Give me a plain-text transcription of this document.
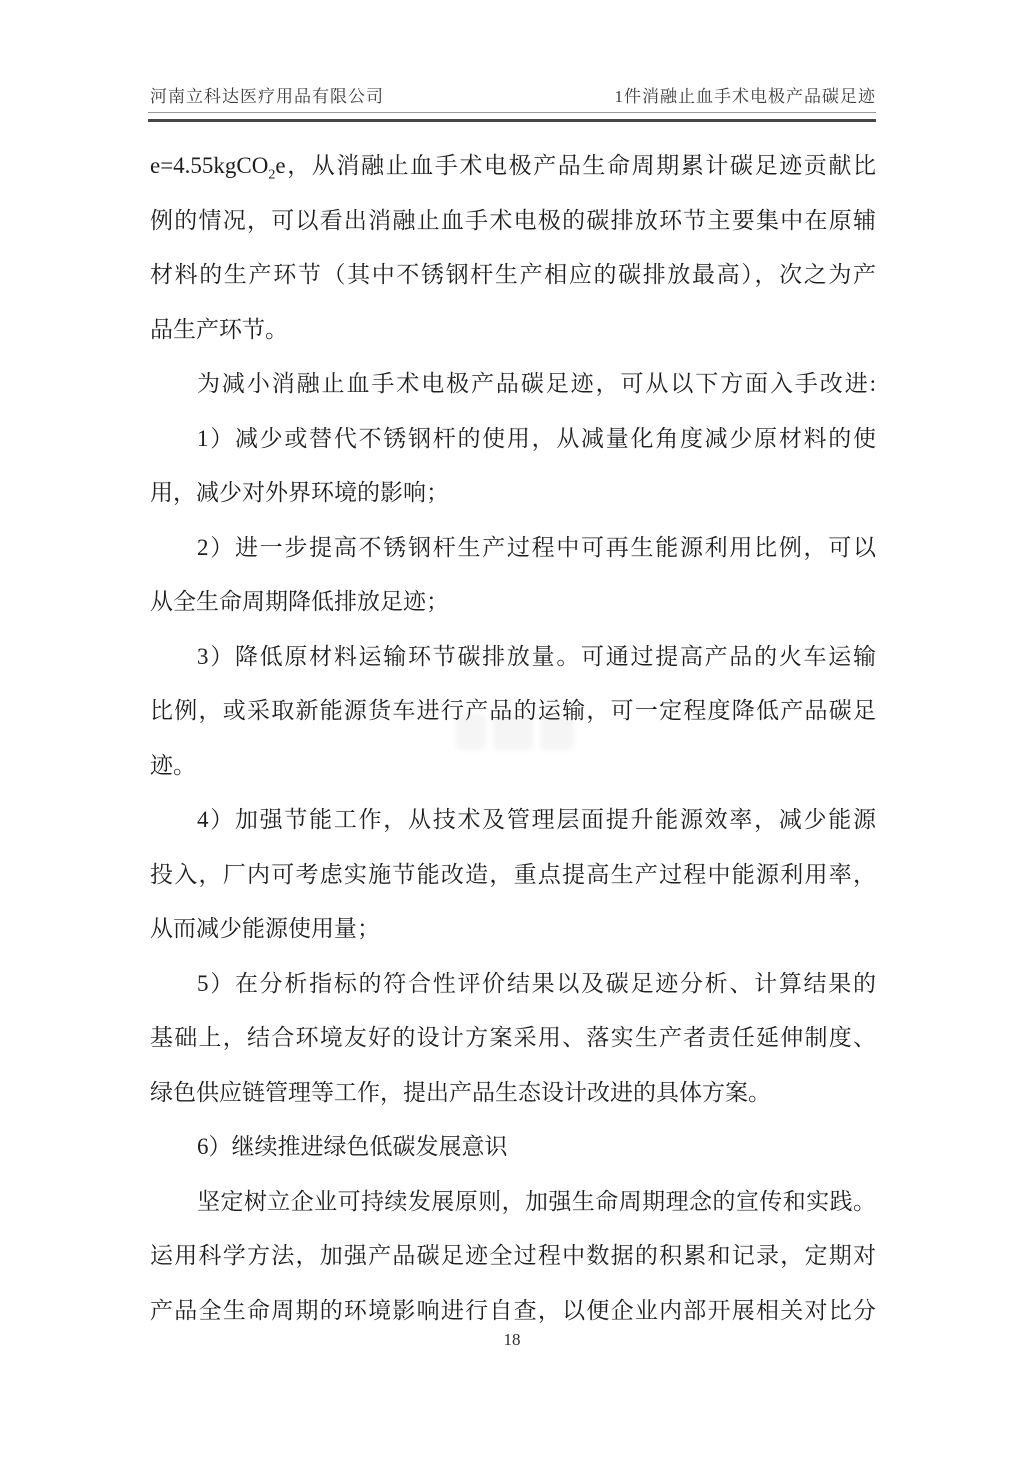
河南立科达医疗用品有限公司	1件消融止血手术电极产品碳足迹
e=4.55kgCO$_2$e，从消融止血手术电极产品生命周期累计碳足迹贡献比
例的情况，可以看出消融止血手术电极的碳排放环节主要集中在原辅
材料的生产环节（其中不锈钢杆生产相应的碳排放最高），次之为产
品生产环节。
为减小消融止血手术电极产品碳足迹，可从以下方面入手改进:
1）减少或替代不锈钢杆的使用，从减量化角度减少原材料的使
用，减少对外界环境的影响；
2）进一步提高不锈钢杆生产过程中可再生能源利用比例，可以
从全生命周期降低排放足迹；
3）降低原材料运输环节碳排放量。可通过提高产品的火车运输
比例，或采取新能源货车进行产品的运输，可一定程度降低产品碳足
迹。
4）加强节能工作，从技术及管理层面提升能源效率，减少能源
投入，厂内可考虑实施节能改造，重点提高生产过程中能源利用率，
从而减少能源使用量；
5）在分析指标的符合性评价结果以及碳足迹分析、计算结果的
基础上，结合环境友好的设计方案采用、落实生产者责任延伸制度、
绿色供应链管理等工作，提出产品生态设计改进的具体方案。
6）继续推进绿色低碳发展意识
坚定树立企业可持续发展原则，加强生命周期理念的宣传和实践。
运用科学方法，加强产品碳足迹全过程中数据的积累和记录，定期对
产品全生命周期的环境影响进行自查，以便企业内部开展相关对比分
18
